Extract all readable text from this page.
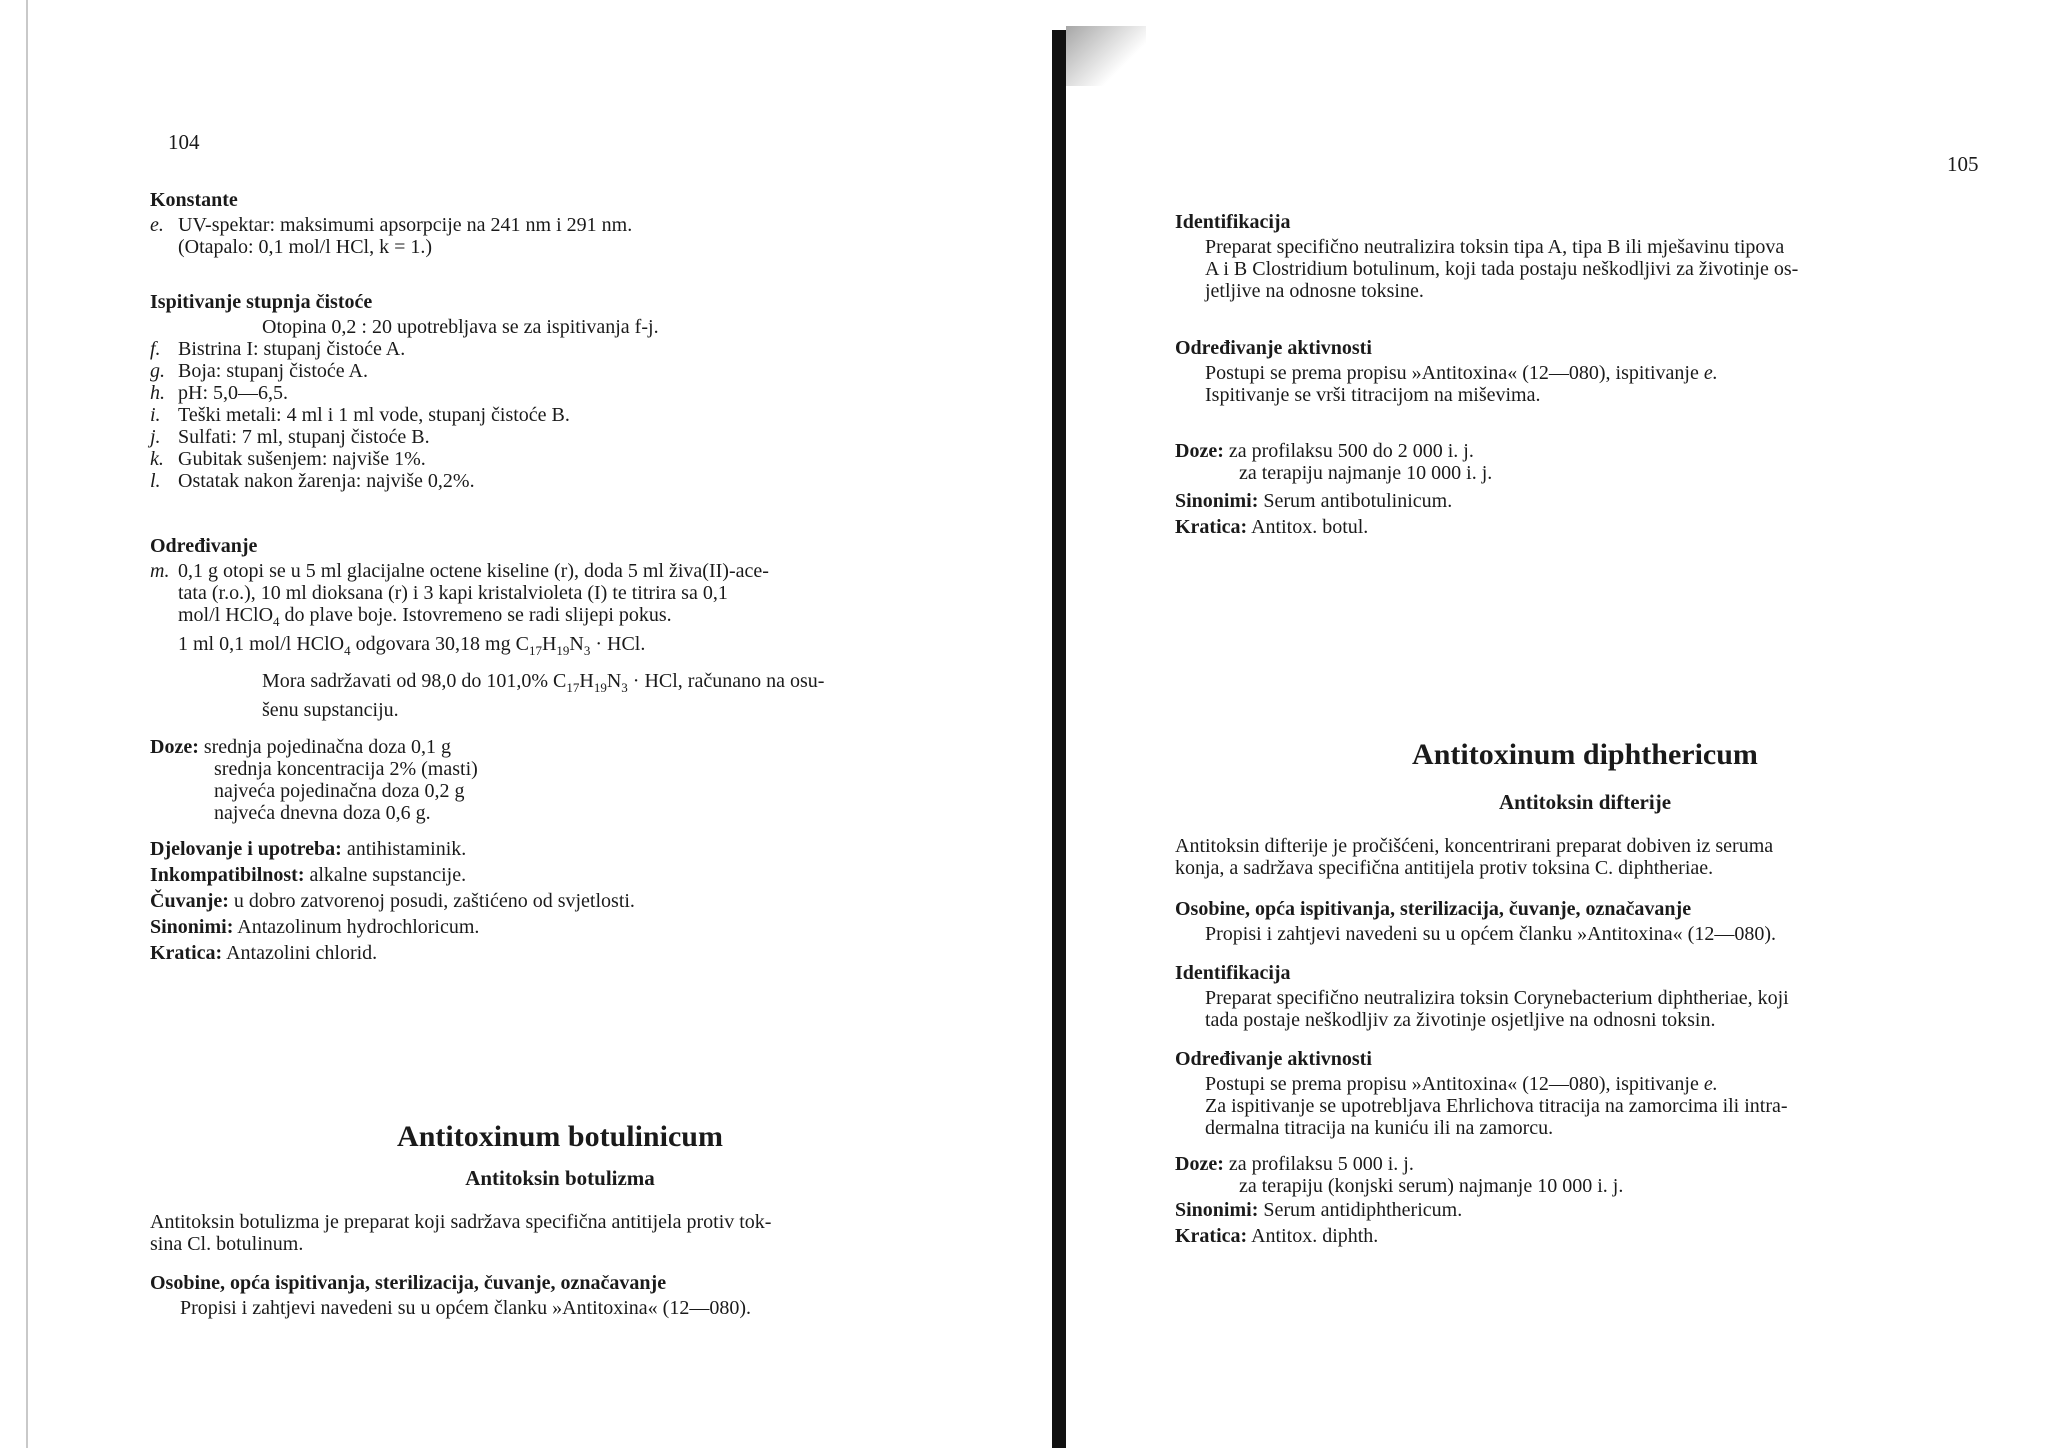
104
Konstante
e. UV-spektar: maksimumi apsorpcije na 241 nm i 291 nm.
(Otapalo: 0,1 mol/l HCl, k = 1.)
Ispitivanje stupnja čistoće

Otopina 0,2 : 20 upotrebljava se za ispitivanja f-j.

f. Bistrina I: stupanj čistoće A.
g. Boja: stupanj čistoće A.
h. pH: 5,0—6,5.
i. Teški metali: 4 ml i 1 ml vode, stupanj čistoće B.
j. Sulfati: 7 ml, stupanj čistoće B.
k. Gubitak sušenjem: najviše 1%.
l. Ostatak nakon žarenja: najviše 0,2%.
Određivanje
m. 0,1 g otopi se u 5 ml glacijalne octene kiseline (r), doda 5 ml živa(II)-ace-
tata (r.o.), 10 ml dioksana (r) i 3 kapi kristalvioleta (I) te titrira sa 0,1
mol/l HClO$_4$ do plave boje. Istovremeno se radi slijepi pokus.
1 ml 0,1 mol/l HClO$_4$ odgovara 30,18 mg $C_{17}H_{19}N_3$ · HCl.

Mora sadržavati od 98,0 do 101,0% $C_{17}H_{19}N_3$ · HCl, računano na osu-

šenu supstanciju.

Doze: srednja pojedinačna doza 0,1 g

srednja koncentracija 2% (masti)

najveća pojedinačna doza 0,2 g

najveća dnevna doza 0,6 g.

Djelovanje i upotreba: antihistaminik.

Inkompatibilnost: alkalne supstancije.

Čuvanje: u dobro zatvorenoj posudi, zaštićeno od svjetlosti.

Sinonimi: Antazolinum hydrochloricum.

Kratica: Antazolini chlorid.

Antitoxinum botulinicum
Antitoksin botulizma

Antitoksin botulizma je preparat koji sadržava specifična antitijela protiv tok-

sina Cl. botulinum.

Osobine, opća ispitivanja, sterilizacija, čuvanje, označavanje

Propisi i zahtjevi navedeni su u općem članku »Antitoxina« (12—080).

105
Identifikacija

Preparat specifično neutralizira toksin tipa A, tipa B ili mješavinu tipova

A i B Clostridium botulinum, koji tada postaju neškodljivi za životinje os-

jetljive na odnosne toksine.

Određivanje aktivnosti

Postupi se prema propisu »Antitoxina« (12—080), ispitivanje e.

Ispitivanje se vrši titracijom na miševima.

Doze: za profilaksu 500 do 2 000 i. j.

za terapiju najmanje 10 000 i. j.

Sinonimi: Serum antibotulinicum.

Kratica: Antitox. botul.

Antitoxinum diphthericum
Antitoksin difterije

Antitoksin difterije je pročišćeni, koncentrirani preparat dobiven iz seruma

konja, a sadržava specifična antitijela protiv toksina C. diphtheriae.

Osobine, opća ispitivanja, sterilizacija, čuvanje, označavanje

Propisi i zahtjevi navedeni su u općem članku »Antitoxina« (12—080).

Identifikacija

Preparat specifično neutralizira toksin Corynebacterium diphtheriae, koji

tada postaje neškodljiv za životinje osjetljive na odnosni toksin.

Određivanje aktivnosti

Postupi se prema propisu »Antitoxina« (12—080), ispitivanje e.

Za ispitivanje se upotrebljava Ehrlichova titracija na zamorcima ili intra-

dermalna titracija na kuniću ili na zamorcu.

Doze: za profilaksu 5 000 i. j.

za terapiju (konjski serum) najmanje 10 000 i. j.

Sinonimi: Serum antidiphthericum.

Kratica: Antitox. diphth.
